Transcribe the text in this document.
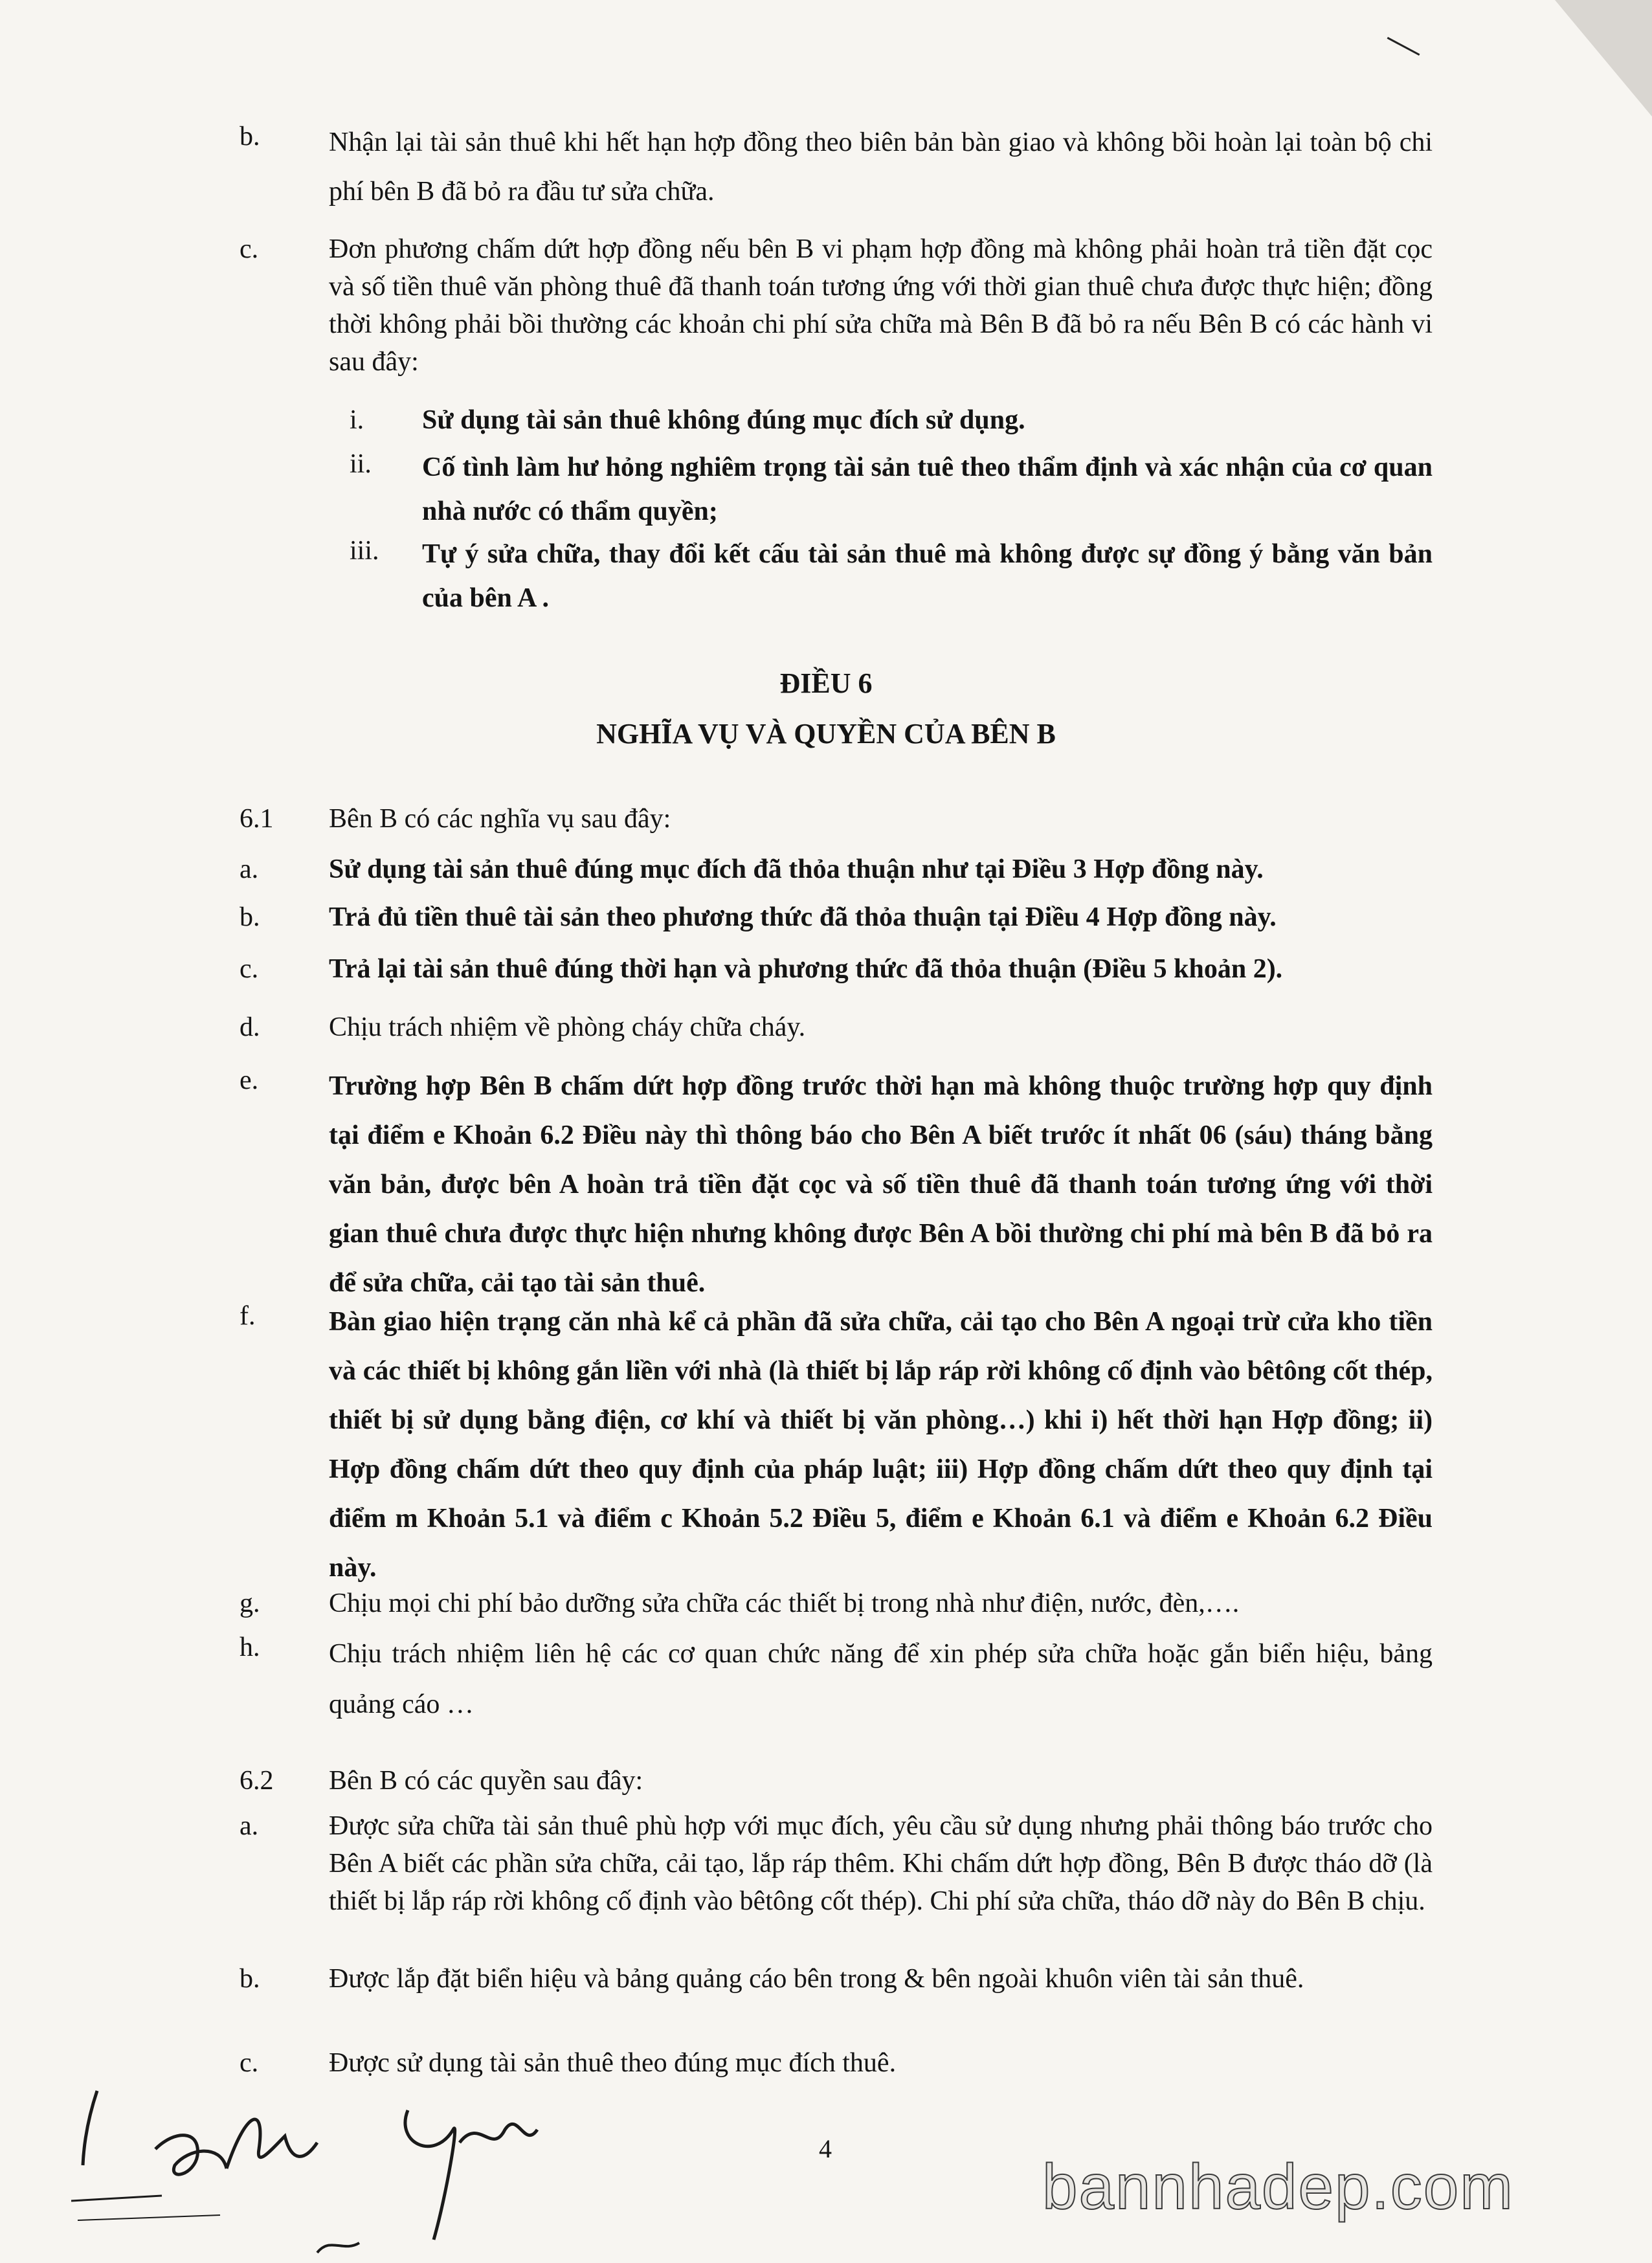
b.	Nhận lại tài sản thuê khi hết hạn hợp đồng theo biên bản bàn giao và không bồi hoàn lại toàn bộ chi phí bên B đã bỏ ra đầu tư sửa chữa.
c.	Đơn phương chấm dứt hợp đồng nếu bên B vi phạm hợp đồng mà không phải hoàn trả tiền đặt cọc và số tiền thuê văn phòng thuê đã thanh toán tương ứng với thời gian thuê chưa được thực hiện; đồng thời không phải bồi thường các khoản chi phí sửa chữa mà Bên B đã bỏ ra nếu Bên B có các hành vi sau đây:
i. Sử dụng tài sản thuê không đúng mục đích sử dụng.
ii. Cố tình làm hư hỏng nghiêm trọng tài sản tuê theo thẩm định và xác nhận của cơ quan nhà nước có thẩm quyền;
iii. Tự ý sửa chữa, thay đổi kết cấu tài sản thuê mà không được sự đồng ý bằng văn bản của bên A .
ĐIỀU 6
NGHĨA VỤ VÀ QUYỀN CỦA BÊN B
6.1 Bên B có các nghĩa vụ sau đây:
a.	Sử dụng tài sản thuê đúng mục đích đã thỏa thuận như tại Điều 3 Hợp đồng này.
b.	Trả đủ tiền thuê tài sản theo phương thức đã thỏa thuận tại Điều 4 Hợp đồng này.
c.	Trả lại tài sản thuê đúng thời hạn và phương thức đã thỏa thuận (Điều 5 khoản 2).
d.	Chịu trách nhiệm về phòng cháy chữa cháy.
e.	Trường hợp Bên B chấm dứt hợp đồng trước thời hạn mà không thuộc trường hợp quy định tại điểm e Khoản 6.2 Điều này thì thông báo cho Bên A biết trước ít nhất 06 (sáu) tháng bằng văn bản, được bên A hoàn trả tiền đặt cọc và số tiền thuê đã thanh toán tương ứng với thời gian thuê chưa được thực hiện nhưng không được Bên A bồi thường chi phí mà bên B đã bỏ ra để sửa chữa, cải tạo tài sản thuê.
f.	Bàn giao hiện trạng căn nhà kể cả phần đã sửa chữa, cải tạo cho Bên A ngoại trừ cửa kho tiền và các thiết bị không gắn liền với nhà (là thiết bị lắp ráp rời không cố định vào bêtông cốt thép, thiết bị sử dụng bằng điện, cơ khí và thiết bị văn phòng…) khi i) hết thời hạn Hợp đồng; ii) Hợp đồng chấm dứt theo quy định của pháp luật; iii) Hợp đồng chấm dứt theo quy định tại điểm m Khoản 5.1 và điểm c Khoản 5.2 Điều 5, điểm e Khoản 6.1 và điểm e Khoản 6.2 Điều này.
g.	Chịu mọi chi phí bảo dưỡng sửa chữa các thiết bị trong nhà như điện, nước, đèn,….
h.	Chịu trách nhiệm liên hệ các cơ quan chức năng để xin phép sửa chữa hoặc gắn biển hiệu, bảng quảng cáo …
6.2 Bên B có các quyền sau đây:
a.	Được sửa chữa tài sản thuê phù hợp với mục đích, yêu cầu sử dụng nhưng phải thông báo trước cho Bên A biết các phần sửa chữa, cải tạo, lắp ráp thêm. Khi chấm dứt hợp đồng, Bên B được tháo dỡ (là thiết bị lắp ráp rời không cố định vào bêtông cốt thép). Chi phí sửa chữa, tháo dỡ này do Bên B chịu.
b.	Được lắp đặt biển hiệu và bảng quảng cáo bên trong & bên ngoài khuôn viên tài sản thuê.
c.	Được sử dụng tài sản thuê theo đúng mục đích thuê.
4
bannhadep.com
